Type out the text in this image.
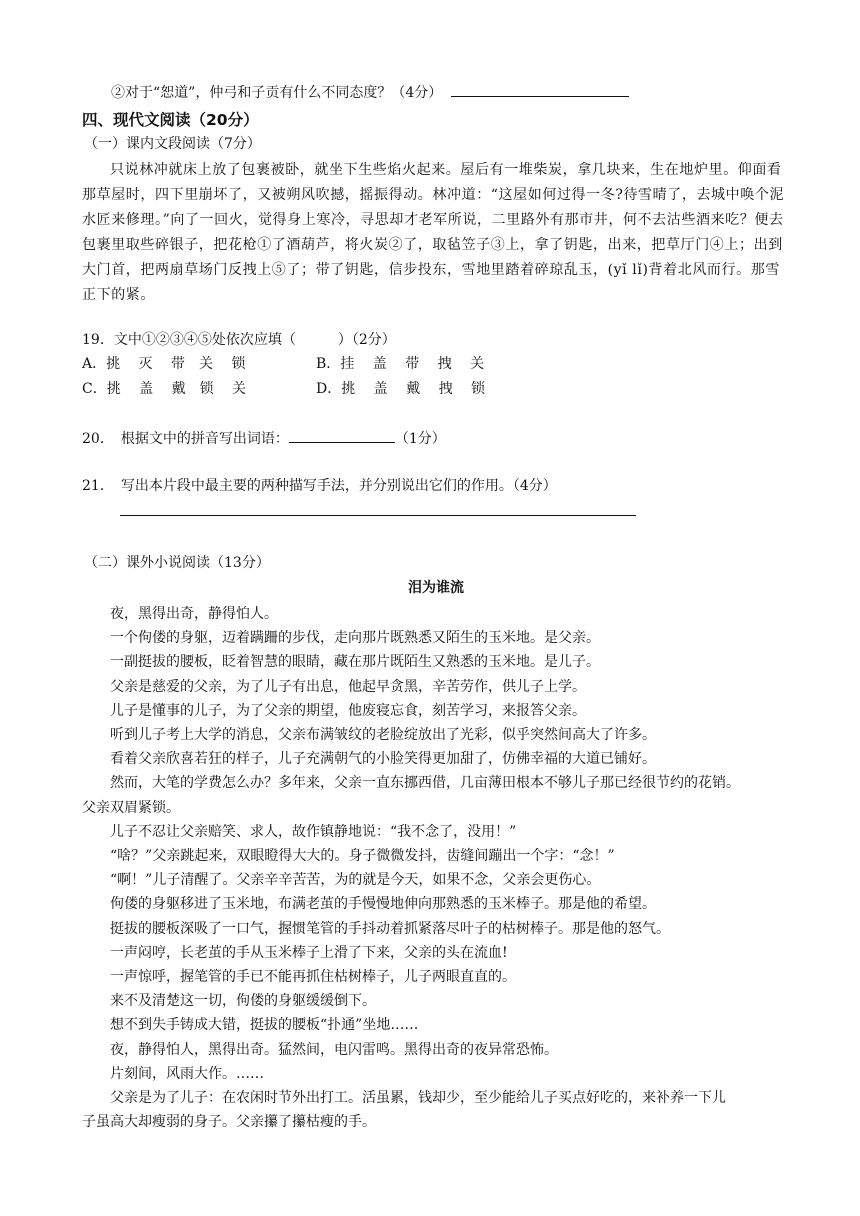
②对于“恕道”，仲弓和子贡有什么不同态度？（4分）
四、现代文阅读（20分）
（一）课内文段阅读（7分）
只说林冲就床上放了包裹被卧，就坐下生些焰火起来。屋后有一堆柴炭，拿几块来，生在地炉里。仰面看那草屋时，四下里崩坏了，又被朔风吹撼，摇振得动。林冲道：“这屋如何过得一冬?待雪晴了，去城中唤个泥水匠来修理。”向了一回火，觉得身上寒冷，寻思却才老军所说，二里路外有那市井，何不去沽些酒来吃？便去包裹里取些碎银子，把花枪①了酒葫芦，将火炭②了，取毡笠子③上，拿了钥匙，出来，把草厅门④上；出到大门首，把两扇草场门反拽上⑤了；带了钥匙，信步投东，雪地里踏着碎琼乱玉，(yǐ lǐ)背着北风而行。那雪正下的紧。
19．文中①②③④⑤处依次应填（　　　）（2分）
A．挑　 灭　 带　关　 锁	B．挂　 盖　 带　 拽　 关
C．挑　 盖　 戴　锁　 关	D．挑　 盖　 戴　 拽　 锁
20．　根据文中的拼音写出词语：	（1分）
21．　写出本片段中最主要的两种描写手法，并分别说出它们的作用。（4分）
（二）课外小说阅读（13分）
泪为谁流
夜，黑得出奇，静得怕人。
一个佝偻的身躯，迈着蹒跚的步伐，走向那片既熟悉又陌生的玉米地。是父亲。
一副挺拔的腰板，眨着智慧的眼睛，藏在那片既陌生又熟悉的玉米地。是儿子。
父亲是慈爱的父亲，为了儿子有出息，他起早贪黑，辛苦劳作，供儿子上学。
儿子是懂事的儿子，为了父亲的期望，他废寝忘食，刻苦学习，来报答父亲。
听到儿子考上大学的消息，父亲布满皱纹的老脸绽放出了光彩，似乎突然间高大了许多。
看着父亲欣喜若狂的样子，儿子充满朝气的小脸笑得更加甜了，仿佛幸福的大道已铺好。
然而，大笔的学费怎么办？多年来，父亲一直东挪西借，几亩薄田根本不够儿子那已经很节约的花销。
父亲双眉紧锁。
儿子不忍让父亲赔笑、求人，故作镇静地说：“我不念了，没用！”
“啥？”父亲跳起来，双眼瞪得大大的。身子微微发抖，齿缝间蹦出一个字：“念！”
“啊！”儿子清醒了。父亲辛辛苦苦，为的就是今天，如果不念，父亲会更伤心。
佝偻的身躯移进了玉米地，布满老茧的手慢慢地伸向那熟悉的玉米棒子。那是他的希望。
挺拔的腰板深吸了一口气，握惯笔管的手抖动着抓紧落尽叶子的枯树棒子。那是他的怒气。
一声闷哼，长老茧的手从玉米棒子上滑了下来，父亲的头在流血!
一声惊呼，握笔管的手已不能再抓住枯树棒子，儿子两眼直直的。
来不及清楚这一切，佝偻的身躯缓缓倒下。
想不到失手铸成大错，挺拔的腰板“扑通”坐地……
夜，静得怕人，黑得出奇。猛然间，电闪雷鸣。黑得出奇的夜异常恐怖。
片刻间，风雨大作。……
父亲是为了儿子：在农闲时节外出打工。活虽累，钱却少，至少能给儿子买点好吃的，来补养一下儿
子虽高大却瘦弱的身子。父亲攥了攥枯瘦的手。
